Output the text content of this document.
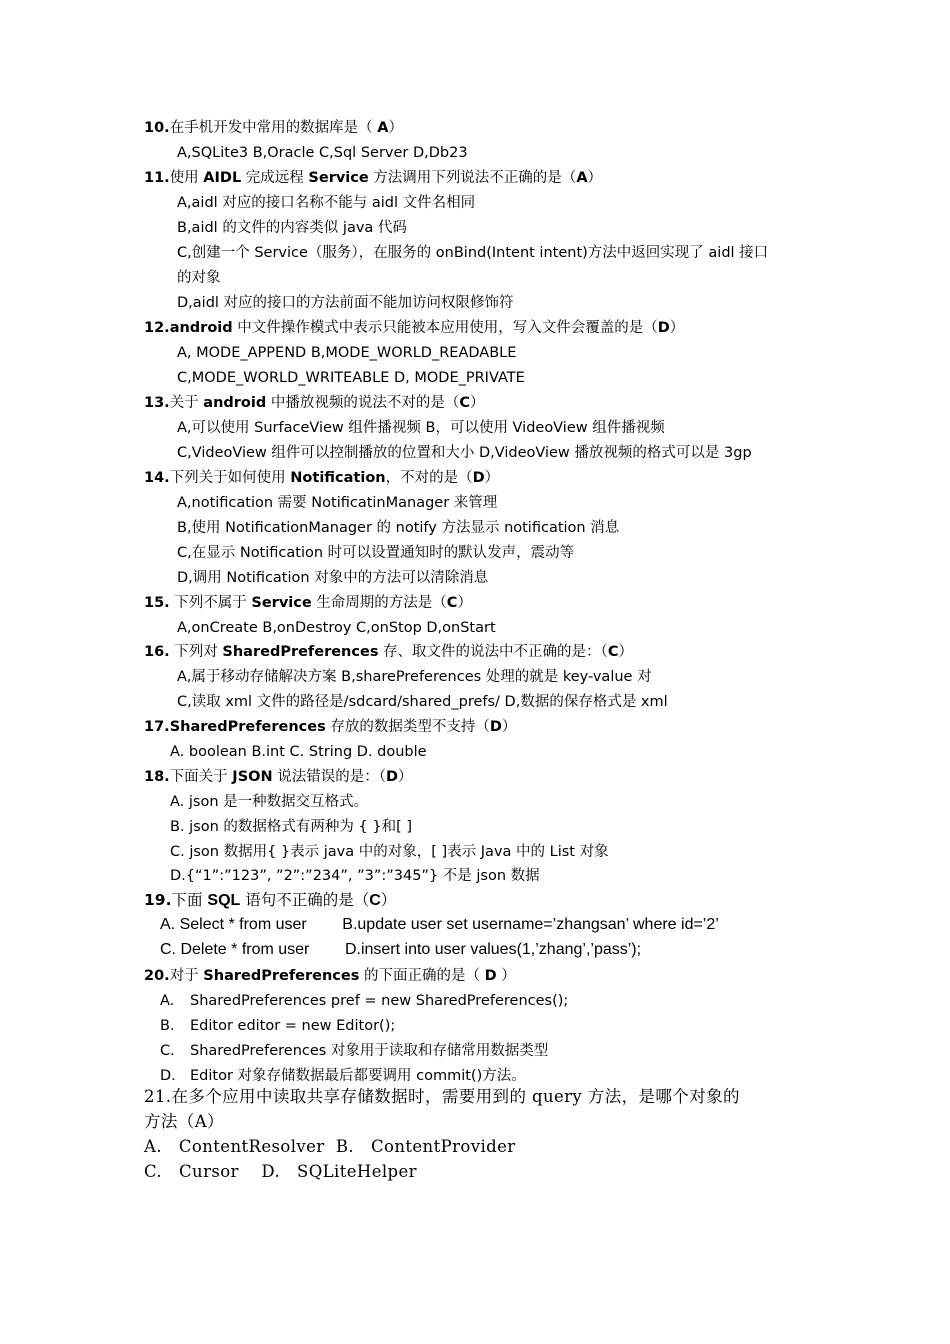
10.在手机开发中常用的数据库是（ A）
A,SQLite3 B,Oracle C,Sql Server D,Db23
11.使用 AIDL 完成远程 Service 方法调用下列说法不正确的是（A）
A,aidl 对应的接口名称不能与 aidl 文件名相同
B,aidl 的文件的内容类似 java 代码
C,创建一个 Service（服务），在服务的 onBind(Intent intent)方法中返回实现了 aidl 接口
的对象
D,aidl 对应的接口的方法前面不能加访问权限修饰符
12.android 中文件操作模式中表示只能被本应用使用，写入文件会覆盖的是（D）
A, MODE_APPEND B,MODE_WORLD_READABLE
C,MODE_WORLD_WRITEABLE D, MODE_PRIVATE
13.关于 android 中播放视频的说法不对的是（C）
A,可以使用 SurfaceView 组件播视频 B，可以使用 VideoView 组件播视频
C,VideoView 组件可以控制播放的位置和大小 D,VideoView 播放视频的格式可以是 3gp
14.下列关于如何使用 Notification，不对的是（D）
A,notification 需要 NotificatinManager 来管理
B,使用 NotificationManager 的 notify 方法显示 notification 消息
C,在显示 Notification 时可以设置通知时的默认发声，震动等
D,调用 Notification 对象中的方法可以清除消息
15. 下列不属于 Service 生命周期的方法是（C）
A,onCreate B,onDestroy C,onStop D,onStart
16. 下列对 SharedPreferences 存、取文件的说法中不正确的是：（C）
A,属于移动存储解决方案 B,sharePreferences 处理的就是 key-value 对
C,读取 xml 文件的路径是/sdcard/shared_prefs/ D,数据的保存格式是 xml
17.SharedPreferences 存放的数据类型不支持（D）
A. boolean B.int C. String D. double
18.下面关于 JSON 说法错误的是：（D）
A. json 是一种数据交互格式。
B. json 的数据格式有两种为 { }和[ ]
C. json 数据用{ }表示 java 中的对象，[ ]表示 Java 中的 List 对象
D.{“1”:”123”, ”2”:”234”, ”3”:”345”} 不是 json 数据
19.下面 SQL 语句不正确的是（C）
A. Select * from user        B.update user set username=’zhangsan’ where id=’2’
C. Delete * from user        D.insert into user values(1,’zhang’,’pass’);
20.对于 SharedPreferences 的下面正确的是（ D ）
A. SharedPreferences pref = new SharedPreferences();
B. Editor editor = new Editor();
C. SharedPreferences 对象用于读取和存储常用数据类型
D. Editor 对象存储数据最后都要调用 commit()方法。
21.在多个应用中读取共享存储数据时，需要用到的 query 方法，是哪个对象的
方法（A）
A.   ContentResolver  B.   ContentProvider
C.   Cursor    D.   SQLiteHelper
